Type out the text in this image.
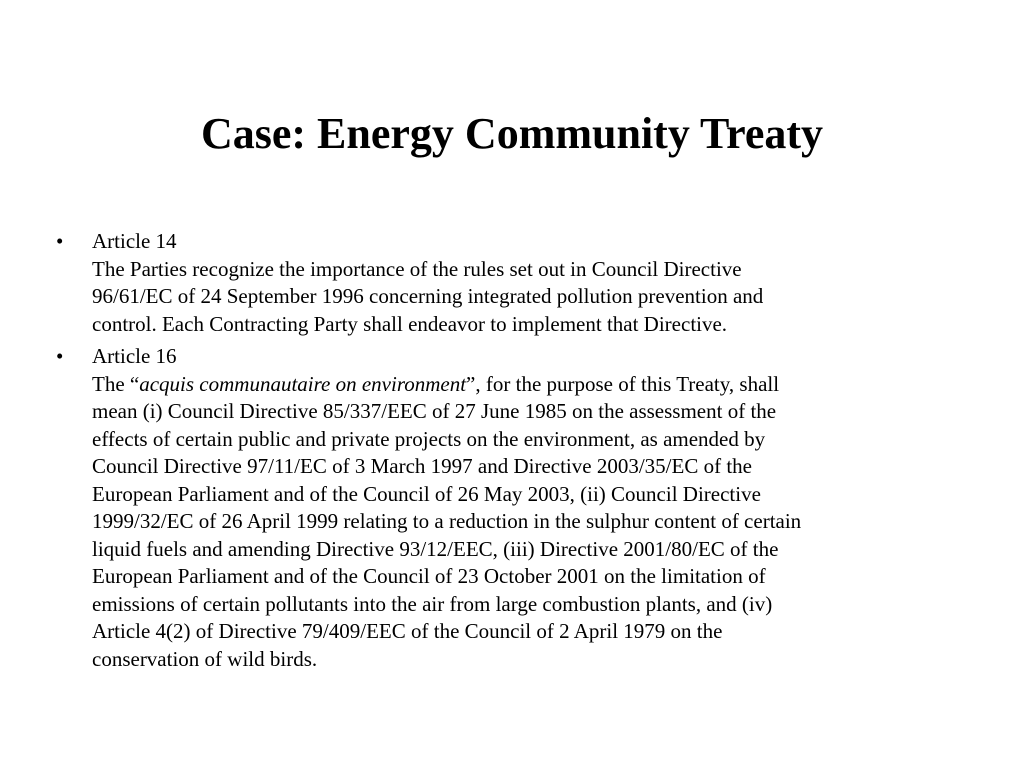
Case: Energy Community Treaty
•	Article 14
The Parties recognize the importance of the rules set out in Council Directive
96/61/EC of 24 September 1996 concerning integrated pollution prevention and
control. Each Contracting Party shall endeavor to implement that Directive.
•	Article 16
The “acquis communautaire on environment”, for the purpose of this Treaty, shall
mean (i) Council Directive 85/337/EEC of 27 June 1985 on the assessment of the
effects of certain public and private projects on the environment, as amended by
Council Directive 97/11/EC of 3 March 1997 and Directive 2003/35/EC of the
European Parliament and of the Council of 26 May 2003, (ii) Council Directive
1999/32/EC of 26 April 1999 relating to a reduction in the sulphur content of certain
liquid fuels and amending Directive 93/12/EEC, (iii) Directive 2001/80/EC of the
European Parliament and of the Council of 23 October 2001 on the limitation of
emissions of certain pollutants into the air from large combustion plants, and (iv)
Article 4(2) of Directive 79/409/EEC of the Council of 2 April 1979 on the
conservation of wild birds.
